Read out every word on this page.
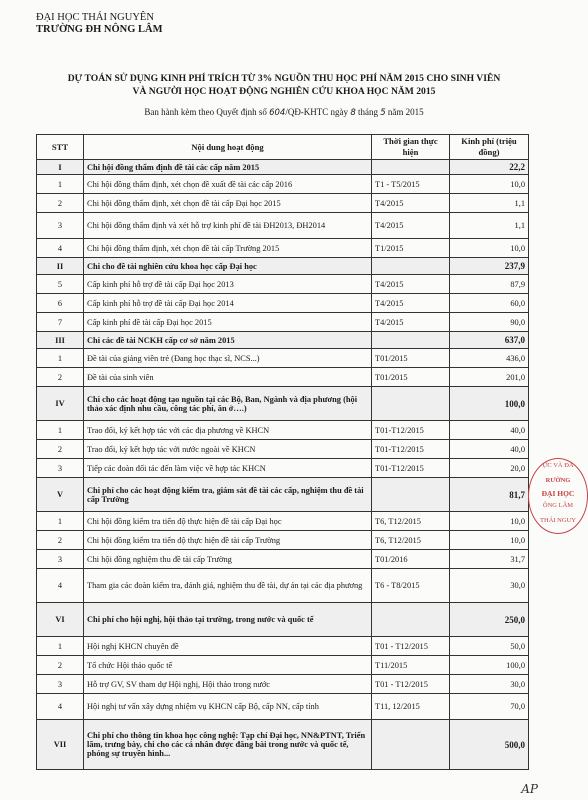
ĐẠI HỌC THÁI NGUYÊN
TRƯỜNG ĐH NÔNG LÂM
DỰ TOÁN SỬ DỤNG KINH PHÍ TRÍCH TỪ 3% NGUỒN THU HỌC PHÍ NĂM 2015 CHO SINH VIÊN
VÀ NGƯỜI HỌC HOẠT ĐỘNG NGHIÊN CỨU KHOA HỌC NĂM 2015
Ban hành kèm theo Quyết định số 604/QĐ-KHTC ngày 8 tháng 5 năm 2015
STT	Nội dung hoạt động	Thời gian thực hiện	Kinh phí (triệu đồng)
I	Chi hội đồng thẩm định đề tài các cấp năm 2015		22,2
1	Chi hội đồng thẩm định, xét chọn đề xuất đề tài các cấp 2016	T1 - T5/2015	10,0
2	Chi hội đồng thẩm định, xét chọn đề tài cấp Đại học 2015	T4/2015	1,1
3	Chi hội đồng thẩm định và xét hỗ trợ kinh phí đề tài ĐH2013, ĐH2014	T4/2015	1,1
4	Chi hội đồng thẩm định, xét chọn đề tài cấp Trường 2015	T1/2015	10,0
II	Chi cho đề tài nghiên cứu khoa học cấp Đại học		237,9
5	Cấp kinh phí hỗ trợ đề tài cấp Đại học 2013	T4/2015	87,9
6	Cấp kinh phí hỗ trợ đề tài cấp Đại học 2014	T4/2015	60,0
7	Cấp kinh phí đề tài cấp Đại học 2015	T4/2015	90,0
III	Chi các đề tài NCKH cấp cơ sở năm 2015		637,0
1	Đề tài của giảng viên trẻ (Đang học thạc sĩ, NCS...)	T01/2015	436,0
2	Đề tài của sinh viên	T01/2015	201,0
IV	Chi cho các hoạt động tạo nguồn tại các Bộ, Ban, Ngành và địa phương (hội thảo xác định nhu cầu, công tác phí, ăn ở….)		100,0
1	Trao đổi, ký kết hợp tác với các địa phương về KHCN	T01-T12/2015	40,0
2	Trao đổi, ký kết hợp tác với nước ngoài về KHCN	T01-T12/2015	40,0
3	Tiếp các đoàn đối tác đến làm việc về hợp tác KHCN	T01-T12/2015	20,0
V	Chi phí cho các hoạt động kiểm tra, giám sát đề tài các cấp, nghiệm thu đề tài cấp Trường		81,7
1	Chi hội đồng kiểm tra tiến độ thực hiện đề tài cấp Đại học	T6, T12/2015	10,0
2	Chi hội đồng kiểm tra tiến độ thực hiện đề tài cấp Trường	T6, T12/2015	10,0
3	Chi hội đồng nghiệm thu đề tài cấp Trường	T01/2016	31,7
4	Tham gia các đoàn kiểm tra, đánh giá, nghiệm thu đề tài, dự án tại các địa phương	T6 - T8/2015	30,0
VI	Chi phí cho hội nghị, hội thảo tại trường, trong nước và quốc tế		250,0
1	Hội nghị KHCN chuyên đề	T01 - T12/2015	50,0
2	Tổ chức Hội thảo quốc tế	T11/2015	100,0
3	Hỗ trợ GV, SV tham dự Hội nghị, Hội thảo trong nước	T01 - T12/2015	30,0
4	Hội nghị tư vấn xây dựng nhiệm vụ KHCN cấp Bộ, cấp NN, cấp tỉnh	T11, 12/2015	70,0
VII	Chi phí cho thông tin khoa học công nghệ: Tạp chí Đại học, NN&PTNT, Triển lãm, trưng bày, chi cho các cá nhân được đăng bài trong nước và quốc tế, phóng sự truyền hình...		500,0
ỰC VÀ ĐÀ
RƯỜNG
ĐẠI HỌC
ÔNG LÂM
THÁI NGUY
AP
